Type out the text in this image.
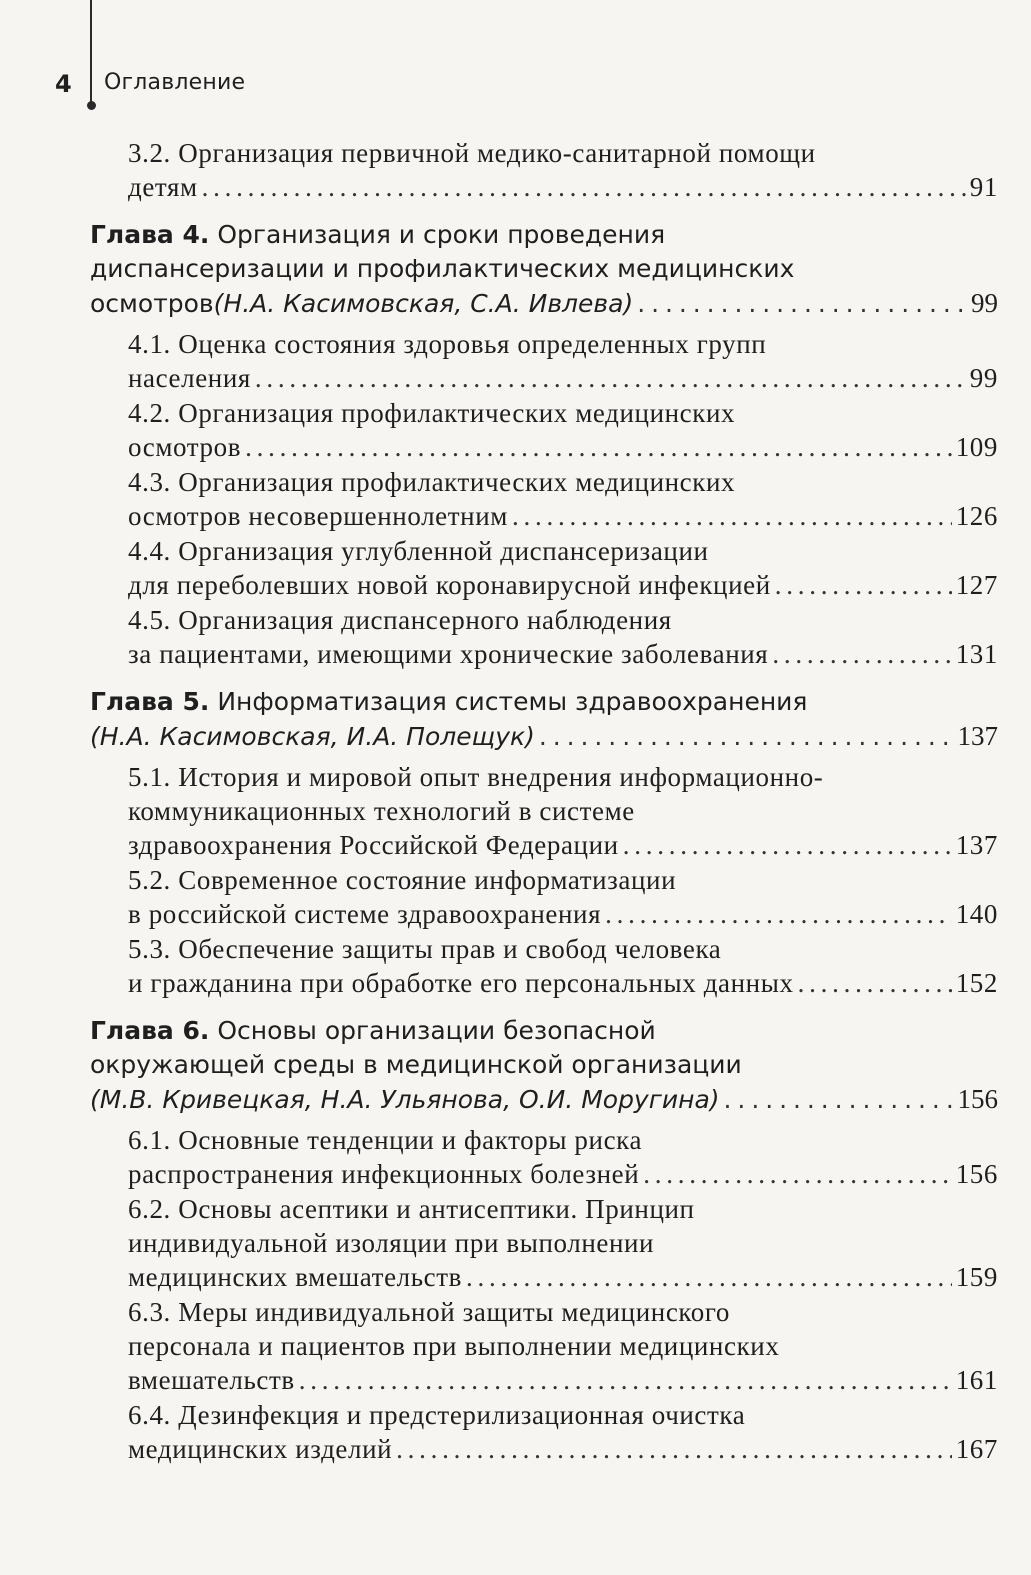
4 Оглавление
3.2. Организация первичной медико-санитарной помощи
детям . . .	91
Глава 4. Организация и сроки проведения
диспансеризации и профилактических медицинских
осмотров (Н.А. Касимовская, С.А. Ивлева) . . .	99
4.1. Оценка состояния здоровья определенных групп
населения . . .	99
4.2. Организация профилактических медицинских
осмотров . . .	109
4.3. Организация профилактических медицинских
осмотров несовершеннолетним . . .	126
4.4. Организация углубленной диспансеризации
для переболевших новой коронавирусной инфекцией . . .	127
4.5. Организация диспансерного наблюдения
за пациентами, имеющими хронические заболевания . . .	131
Глава 5. Информатизация системы здравоохранения
(Н.А. Касимовская, И.А. Полещук) . . .	137
5.1. История и мировой опыт внедрения информационно-
коммуникационных технологий в системе
здравоохранения Российской Федерации . . .	137
5.2. Современное состояние информатизации
в российской системе здравоохранения . . .	140
5.3. Обеспечение защиты прав и свобод человека
и гражданина при обработке его персональных данных . . .	152
Глава 6. Основы организации безопасной
окружающей среды в медицинской организации
(М.В. Кривецкая, Н.А. Ульянова, О.И. Моругина) . . .	156
6.1. Основные тенденции и факторы риска
распространения инфекционных болезней . . .	156
6.2. Основы асептики и антисептики. Принцип
индивидуальной изоляции при выполнении
медицинских вмешательств . . .	159
6.3. Меры индивидуальной защиты медицинского
персонала и пациентов при выполнении медицинских
вмешательств . . .	161
6.4. Дезинфекция и предстерилизационная очистка
медицинских изделий . . .	167
